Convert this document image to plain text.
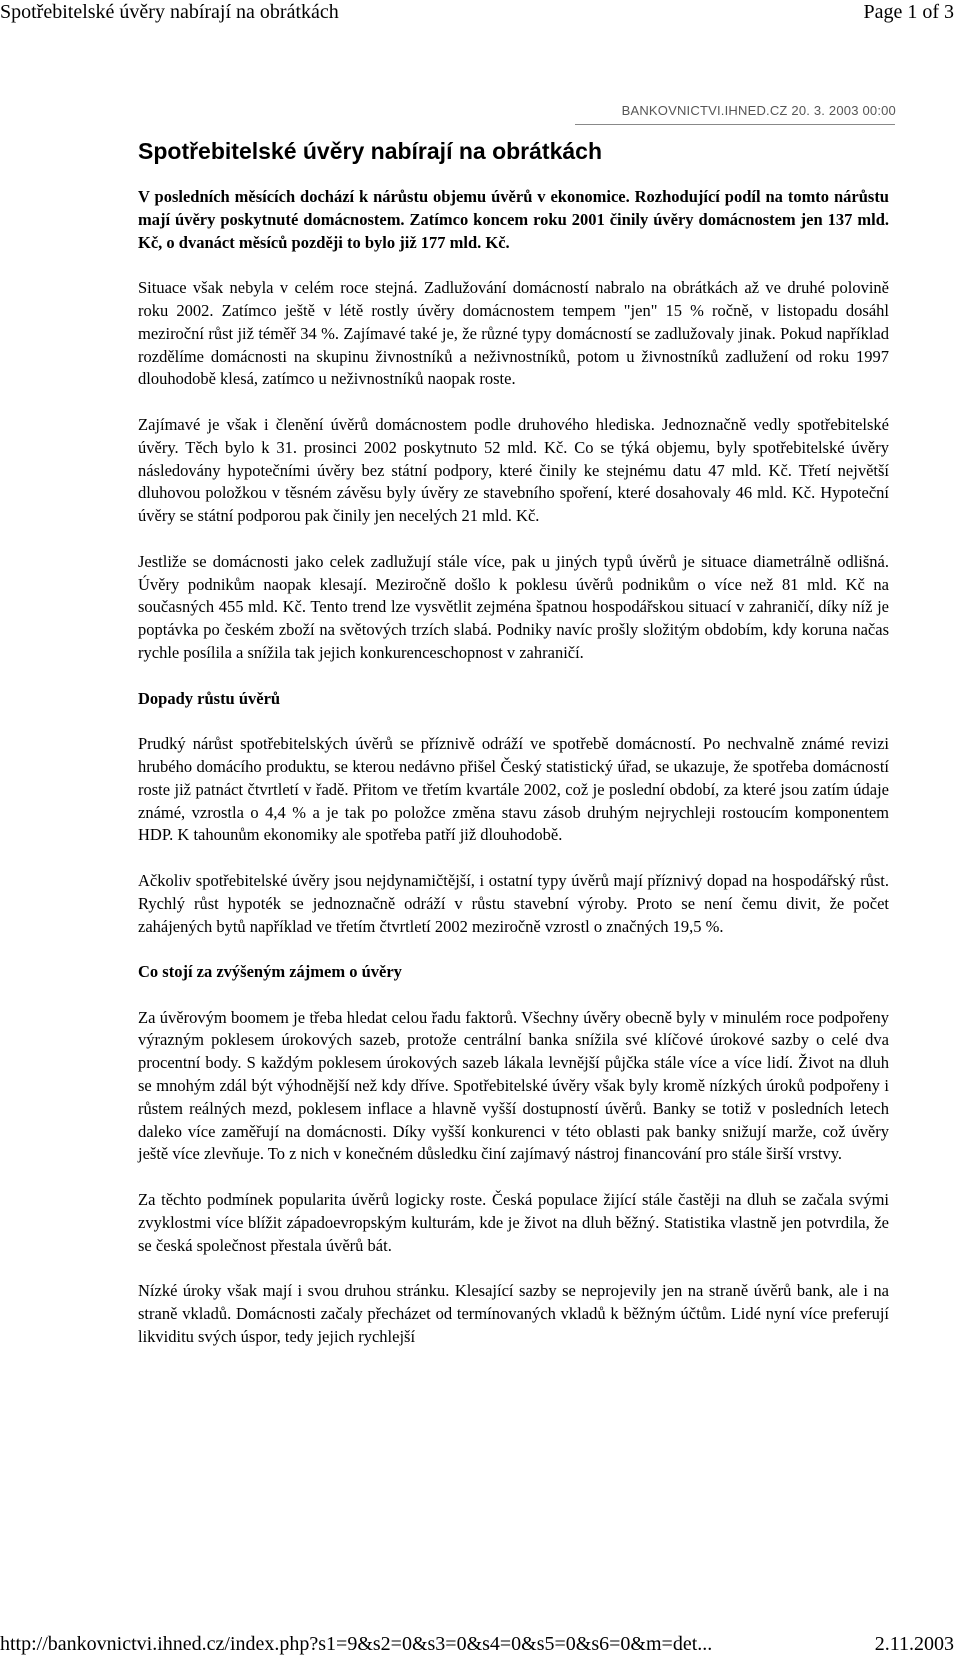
Spotřebitelské úvěry nabírají na obrátkách	Page 1 of 3
BANKOVNICTVI.IHNED.CZ 20. 3. 2003 00:00
Spotřebitelské úvěry nabírají na obrátkách

V posledních měsících dochází k nárůstu objemu úvěrů v ekonomice. Rozhodující podíl na tomto nárůstu mají úvěry poskytnuté domácnostem. Zatímco koncem roku 2001 činily úvěry domácnostem jen 137 mld. Kč, o dvanáct měsíců později to bylo již 177 mld. Kč.

Situace však nebyla v celém roce stejná. Zadlužování domácností nabralo na obrátkách až ve druhé polovině roku 2002. Zatímco ještě v létě rostly úvěry domácnostem tempem "jen" 15 % ročně, v listopadu dosáhl meziroční růst již téměř 34 %. Zajímavé také je, že různé typy domácností se zadlužovaly jinak. Pokud například rozdělíme domácnosti na skupinu živnostníků a neživnostníků, potom u živnostníků zadlužení od roku 1997 dlouhodobě klesá, zatímco u neživnostníků naopak roste.

Zajímavé je však i členění úvěrů domácnostem podle druhového hlediska. Jednoznačně vedly spotřebitelské úvěry. Těch bylo k 31. prosinci 2002 poskytnuto 52 mld. Kč. Co se týká objemu, byly spotřebitelské úvěry následovány hypotečními úvěry bez státní podpory, které činily ke stejnému datu 47 mld. Kč. Třetí největší dluhovou položkou v těsném závěsu byly úvěry ze stavebního spoření, které dosahovaly 46 mld. Kč. Hypoteční úvěry se státní podporou pak činily jen necelých 21 mld. Kč.

Jestliže se domácnosti jako celek zadlužují stále více, pak u jiných typů úvěrů je situace diametrálně odlišná. Úvěry podnikům naopak klesají. Meziročně došlo k poklesu úvěrů podnikům o více než 81 mld. Kč na současných 455 mld. Kč. Tento trend lze vysvětlit zejména špatnou hospodářskou situací v zahraničí, díky níž je poptávka po českém zboží na světových trzích slabá. Podniky navíc prošly složitým obdobím, kdy koruna načas rychle posílila a snížila tak jejich konkurenceschopnost v zahraničí.

Dopady růstu úvěrů

Prudký nárůst spotřebitelských úvěrů se příznivě odráží ve spotřebě domácností. Po nechvalně známé revizi hrubého domácího produktu, se kterou nedávno přišel Český statistický úřad, se ukazuje, že spotřeba domácností roste již patnáct čtvrtletí v řadě. Přitom ve třetím kvartále 2002, což je poslední období, za které jsou zatím údaje známé, vzrostla o 4,4 % a je tak po položce změna stavu zásob druhým nejrychleji rostoucím komponentem HDP. K tahounům ekonomiky ale spotřeba patří již dlouhodobě.

Ačkoliv spotřebitelské úvěry jsou nejdynamičtější, i ostatní typy úvěrů mají příznivý dopad na hospodářský růst. Rychlý růst hypoték se jednoznačně odráží v růstu stavební výroby. Proto se není čemu divit, že počet zahájených bytů například ve třetím čtvrtletí 2002 meziročně vzrostl o značných 19,5 %.

Co stojí za zvýšeným zájmem o úvěry

Za úvěrovým boomem je třeba hledat celou řadu faktorů. Všechny úvěry obecně byly v minulém roce podpořeny výrazným poklesem úrokových sazeb, protože centrální banka snížila své klíčové úrokové sazby o celé dva procentní body. S každým poklesem úrokových sazeb lákala levnější půjčka stále více a více lidí. Život na dluh se mnohým zdál být výhodnější než kdy dříve. Spotřebitelské úvěry však byly kromě nízkých úroků podpořeny i růstem reálných mezd, poklesem inflace a hlavně vyšší dostupností úvěrů. Banky se totiž v posledních letech daleko více zaměřují na domácnosti. Díky vyšší konkurenci v této oblasti pak banky snižují marže, což úvěry ještě více zlevňuje. To z nich v konečném důsledku činí zajímavý nástroj financování pro stále širší vrstvy.

Za těchto podmínek popularita úvěrů logicky roste. Česká populace žijící stále častěji na dluh se začala svými zvyklostmi více blížit západoevropským kulturám, kde je život na dluh běžný. Statistika vlastně jen potvrdila, že se česká společnost přestala úvěrů bát.

Nízké úroky však mají i svou druhou stránku. Klesající sazby se neprojevily jen na straně úvěrů bank, ale i na straně vkladů. Domácnosti začaly přecházet od termínovaných vkladů k běžným účtům. Lidé nyní více preferují likviditu svých úspor, tedy jejich rychlejší

http://bankovnictvi.ihned.cz/index.php?s1=9&s2=0&s3=0&s4=0&s5=0&s6=0&m=det...	2.11.2003
